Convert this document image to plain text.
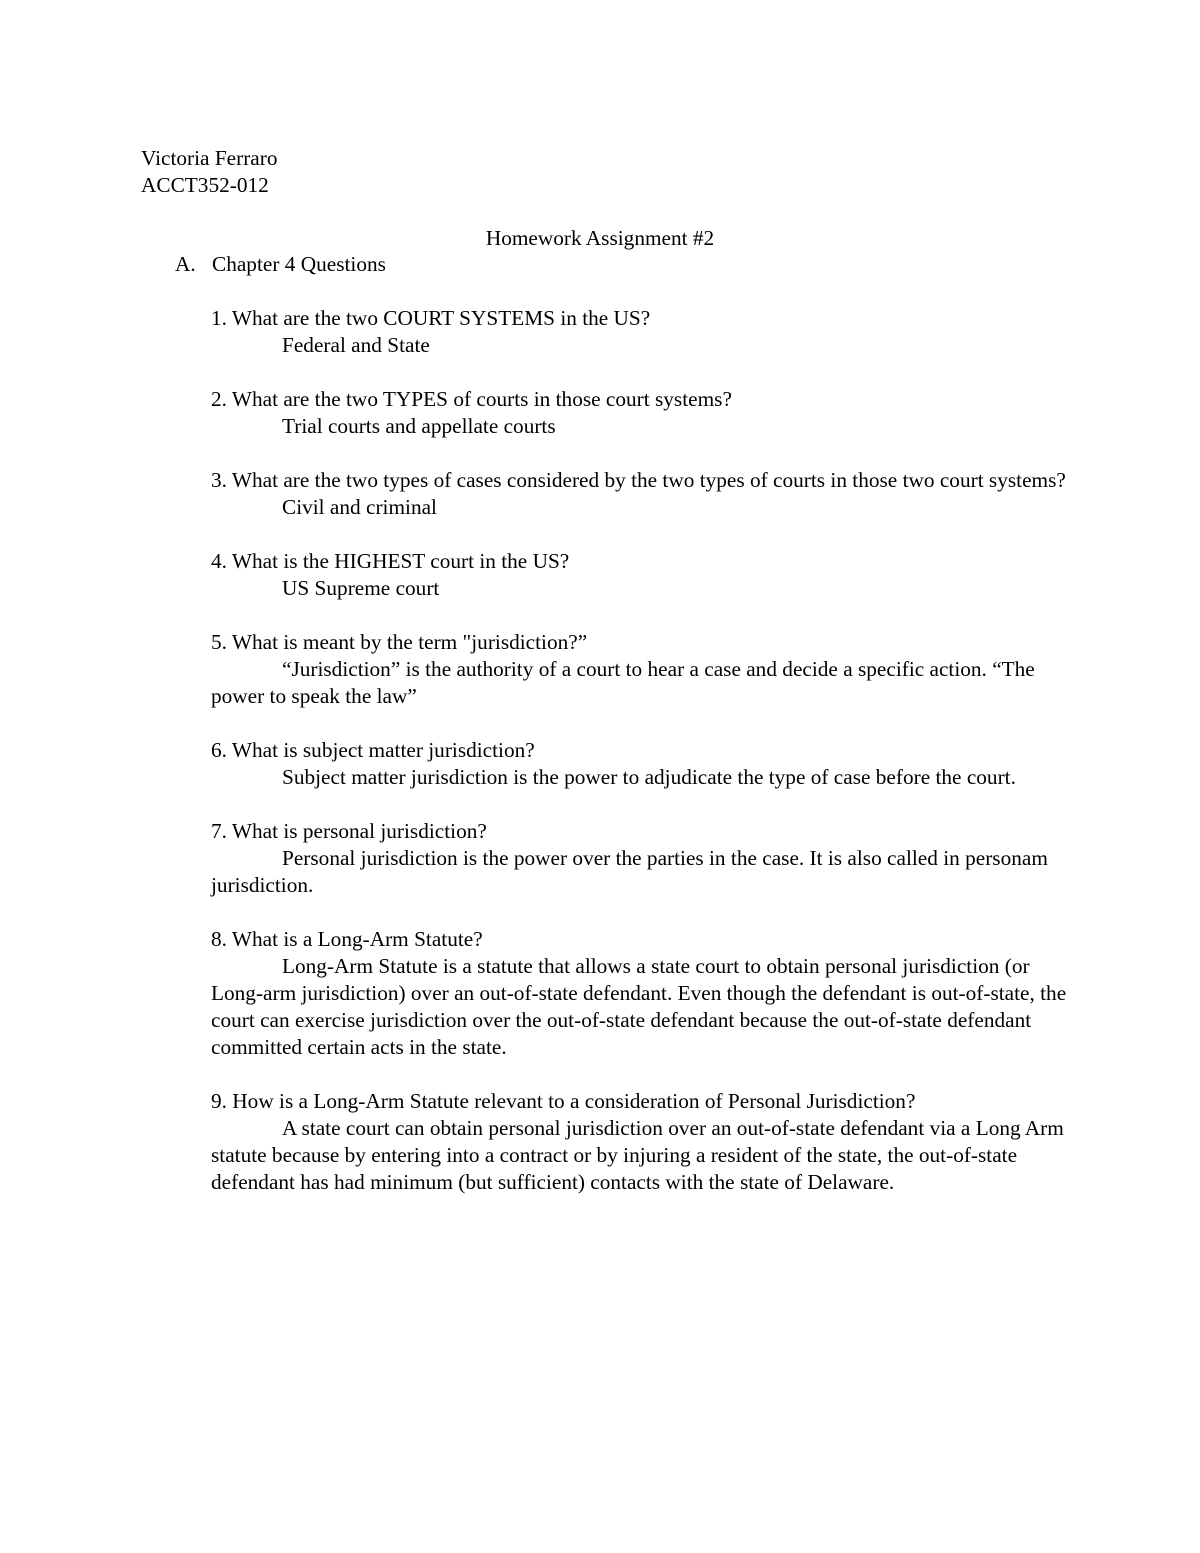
Victoria Ferraro
ACCT352-012
Homework Assignment #2
A. Chapter 4 Questions

1. What are the two COURT SYSTEMS in the US?

Federal and State

2. What are the two TYPES of courts in those court systems?

Trial courts and appellate courts

3. What are the two types of cases considered by the two types of courts in those two court systems?

Civil and criminal

4. What is the HIGHEST court in the US?

US Supreme court

5. What is meant by the term "jurisdiction?”

“Jurisdiction” is the authority of a court to hear a case and decide a specific action. “The power to speak the law”

6. What is subject matter jurisdiction?

Subject matter jurisdiction is the power to adjudicate the type of case before the court.

7. What is personal jurisdiction?

Personal jurisdiction is the power over the parties in the case. It is also called in personam jurisdiction.

8. What is a Long-Arm Statute?

Long-Arm Statute is a statute that allows a state court to obtain personal jurisdiction (or Long-arm jurisdiction) over an out-of-state defendant. Even though the defendant is out-of-state, the court can exercise jurisdiction over the out-of-state defendant because the out-of-state defendant committed certain acts in the state.

9. How is a Long-Arm Statute relevant to a consideration of Personal Jurisdiction?

A state court can obtain personal jurisdiction over an out-of-state defendant via a Long Arm statute because by entering into a contract or by injuring a resident of the state, the out-of-state defendant has had minimum (but sufficient) contacts with the state of Delaware.
